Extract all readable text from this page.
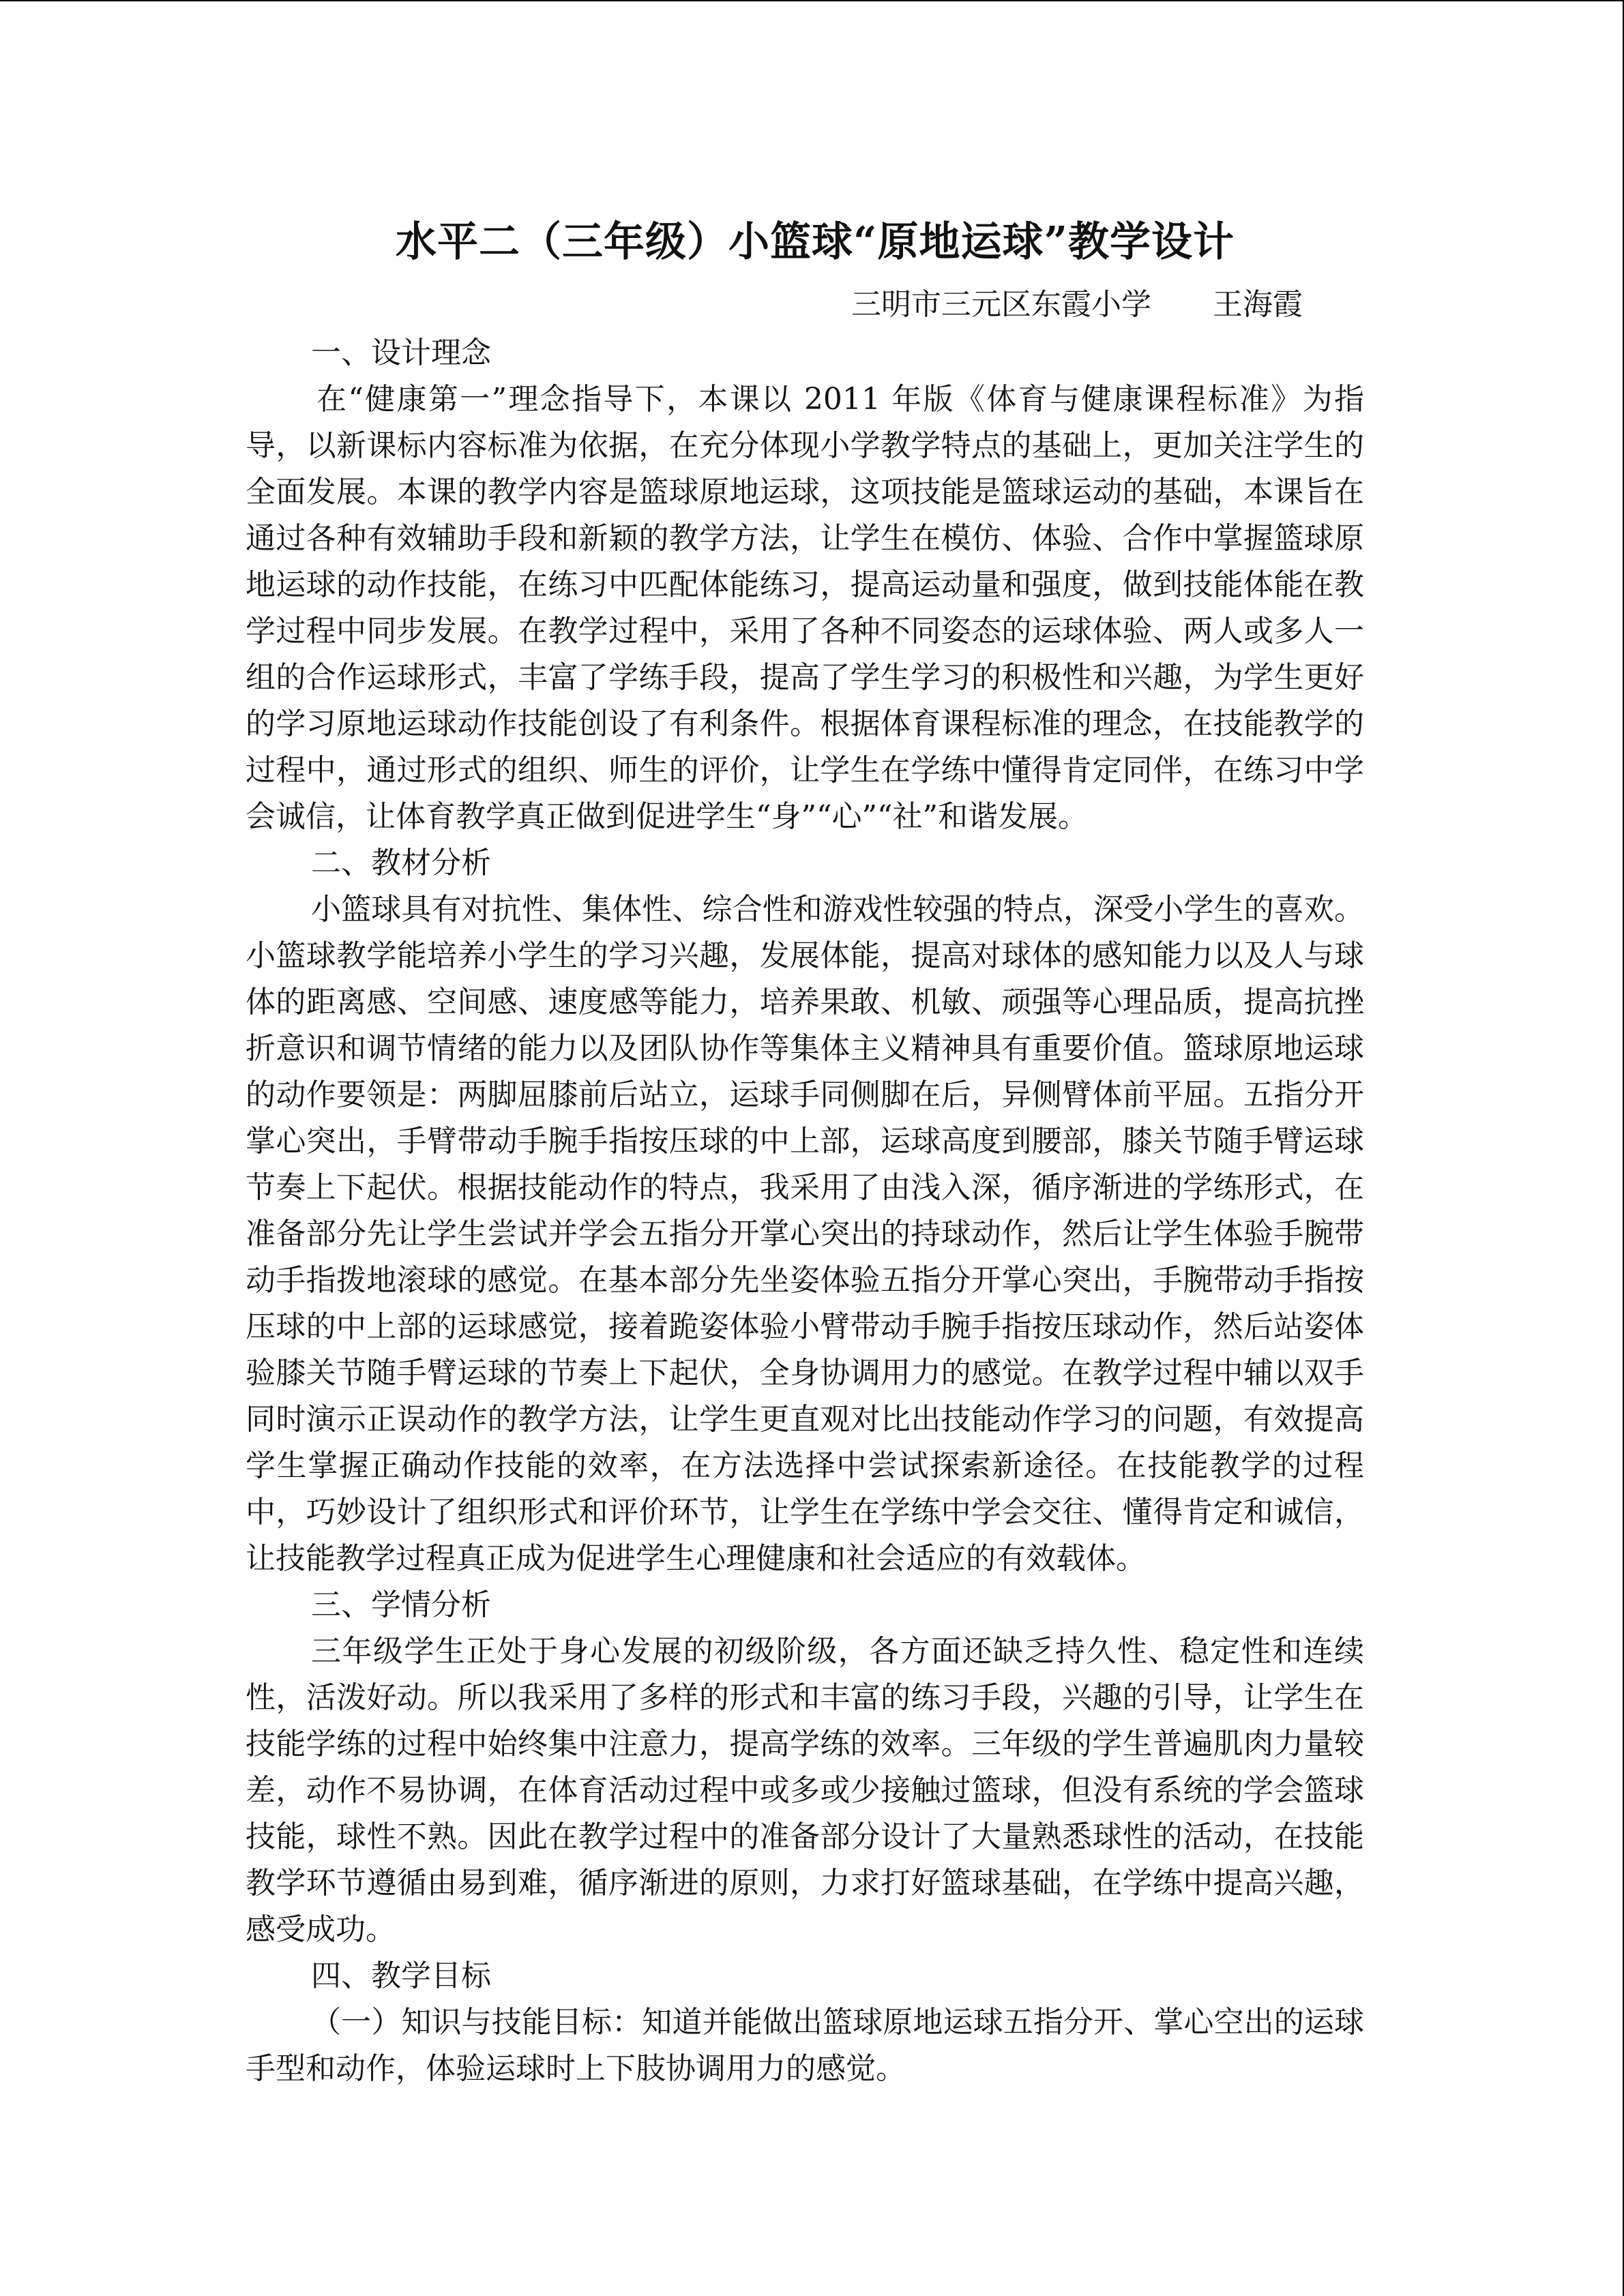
水平二（三年级）小篮球“原地运球”教学设计
三明市三元区东霞小学 王海霞
一、设计理念

在“健康第一”理念指导下，本课以 2011 年版《体育与健康课程标准》为指导，以新课标内容标准为依据，在充分体现小学教学特点的基础上，更加关注学生的全面发展。本课的教学内容是篮球原地运球，这项技能是篮球运动的基础，本课旨在通过各种有效辅助手段和新颖的教学方法，让学生在模仿、体验、合作中掌握篮球原地运球的动作技能，在练习中匹配体能练习，提高运动量和强度，做到技能体能在教学过程中同步发展。在教学过程中，采用了各种不同姿态的运球体验、两人或多人一组的合作运球形式，丰富了学练手段，提高了学生学习的积极性和兴趣，为学生更好的学习原地运球动作技能创设了有利条件。根据体育课程标准的理念，在技能教学的过程中，通过形式的组织、师生的评价，让学生在学练中懂得肯定同伴，在练习中学会诚信，让体育教学真正做到促进学生“身”“心”“社”和谐发展。

二、教材分析

小篮球具有对抗性、集体性、综合性和游戏性较强的特点，深受小学生的喜欢。小篮球教学能培养小学生的学习兴趣，发展体能，提高对球体的感知能力以及人与球体的距离感、空间感、速度感等能力，培养果敢、机敏、顽强等心理品质，提高抗挫折意识和调节情绪的能力以及团队协作等集体主义精神具有重要价值。篮球原地运球的动作要领是：两脚屈膝前后站立，运球手同侧脚在后，异侧臂体前平屈。五指分开掌心突出，手臂带动手腕手指按压球的中上部，运球高度到腰部，膝关节随手臂运球节奏上下起伏。根据技能动作的特点，我采用了由浅入深，循序渐进的学练形式，在准备部分先让学生尝试并学会五指分开掌心突出的持球动作，然后让学生体验手腕带动手指拨地滚球的感觉。在基本部分先坐姿体验五指分开掌心突出，手腕带动手指按压球的中上部的运球感觉，接着跪姿体验小臂带动手腕手指按压球动作，然后站姿体验膝关节随手臂运球的节奏上下起伏，全身协调用力的感觉。在教学过程中辅以双手同时演示正误动作的教学方法，让学生更直观对比出技能动作学习的问题，有效提高学生掌握正确动作技能的效率，在方法选择中尝试探索新途径。在技能教学的过程中，巧妙设计了组织形式和评价环节，让学生在学练中学会交往、懂得肯定和诚信，让技能教学过程真正成为促进学生心理健康和社会适应的有效载体。

三、学情分析

三年级学生正处于身心发展的初级阶级，各方面还缺乏持久性、稳定性和连续性，活泼好动。所以我采用了多样的形式和丰富的练习手段，兴趣的引导，让学生在技能学练的过程中始终集中注意力，提高学练的效率。三年级的学生普遍肌肉力量较差，动作不易协调，在体育活动过程中或多或少接触过篮球，但没有系统的学会篮球技能，球性不熟。因此在教学过程中的准备部分设计了大量熟悉球性的活动，在技能教学环节遵循由易到难，循序渐进的原则，力求打好篮球基础，在学练中提高兴趣，感受成功。

四、教学目标

（一）知识与技能目标：知道并能做出篮球原地运球五指分开、掌心空出的运球手型和动作，体验运球时上下肢协调用力的感觉。
